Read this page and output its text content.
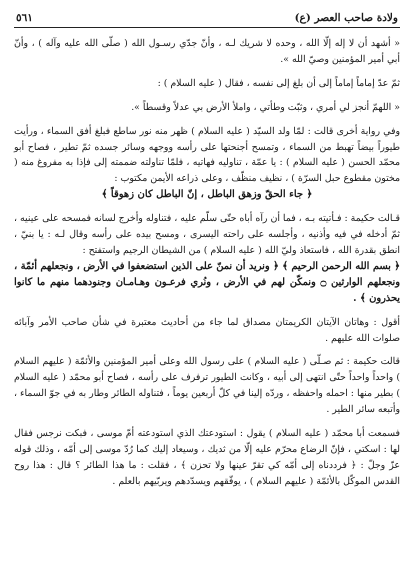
ولادة صاحب العصر (ع)
٥٦١

« أشهد أن لا إله إلّا الله ، وحده لا شريك لـه ، وأنّ جدّي رسـول الله ( صلّى الله عليه وآله ) ، وأنّ أبي أمير المؤمنين وصيّ الله ».

ثمّ عدّ إماماً إماماً إلى أن بلغ إلى نفسه ، فقال ( عليه السلام ) :

« اللهمّ أنجز لي أمري ، وثبّت وطأتي ، واملأ الأرض بي عدلاً وقسطاً ».

وفي رواية أخرى قالت : لمّا ولد السيّد ( عليه السلام ) ظهر منه نور ساطع فبلغ أفق السماء ، ورأيت طيوراً بيضاً تهبط من السماء ، وتمسح أجنحتها على رأسه ووجهه وسائر جسده ثمّ تطير ، فصاح أبو محمّد الحسن ( عليه السلام ) : يا عمّة ، تناوليه فهاتيه ، فلمّا تناولته ضممته إلى فإذا به مفروغ منه ( مختون مقطوع حبل السرّة ) ، نظيف منظّف ، وعلى ذراعه الأيمن مكتوب :

﴿ جاء الحقّ وزهق الباطل ، إنّ الباطل كان زهوقاً ﴾

قـالت حكيمة : فـأتيته بـه ، فما أن رآه أباه حتّى سلّم عليه ، فتناوله وأخرج لسانه فمسحه على عينيه ، ثمّ أدخله في فيه وأذنيه ، وأجلسه على راحته اليسرى ، ومسح بيده على رأسه وقال لـه : يا بنيّ ، انطق بقدرة الله ، فاستعاذ وليّ الله ( عليه السلام ) من الشيطان الرجيم واستفتح :

﴿ بسم الله الرحمن الرحيم ﴾ ﴿ ونريد أن نمنّ على الذين استضعفوا في الأرض ، ونجعلهم أئمّة ، ونجعلهم الوارثين ۝ ونمكّن لهم في الأرض ، ونُري فرعـون وهـامـان وجنودهما منهم ما كانوا يحذرون ﴾ .

أقول : وهاتان الآيتان الكريمتان مصداق لما جاء من أحاديث معتبرة في شأن صاحب الأمر وآبائه صلوات الله عليهم .

قالت حكيمة : ثم صـلّى ( عليه السلام ) على رسول الله وعلى أمير المؤمنين والأئمّة ( عليهم السلام ) واحداً واحداً حتّى انتهى إلى أبيه ، وكانت الطيور ترفرف على رأسه ، فصاح أبو محمّد ( عليه السلام ) بطير منها : احمله واحفظه ، وردّه إلينا في كلّ أربعين يوماً ، فتناوله الطائر وطار به في جوّ السماء ، وأتبعه سائر الطير .

فسمعت أبا محمّد ( عليه السلام ) يقول : استودعتك الذي استودعته أمّ موسى ، فبكت نرجس فقال لها : اسكتي ، فإنّ الرضاع محرّم عليه إلّا من ثديك ، وسيعاد إليك كما رُدّ موسى إلى أمّه ، وذلك قوله عزّ وجلّ : ﴿ فرددناه إلى أمّه كي تقرّ عينها ولا تحزن ﴾ ، فقلت : ما هذا الطائر ؟ قال : هذا روح القدس الموكّل بالأئمّة ( عليهم السلام ) ، يوفّقهم ويسدّدهم ويربّيهم بالعلم .
